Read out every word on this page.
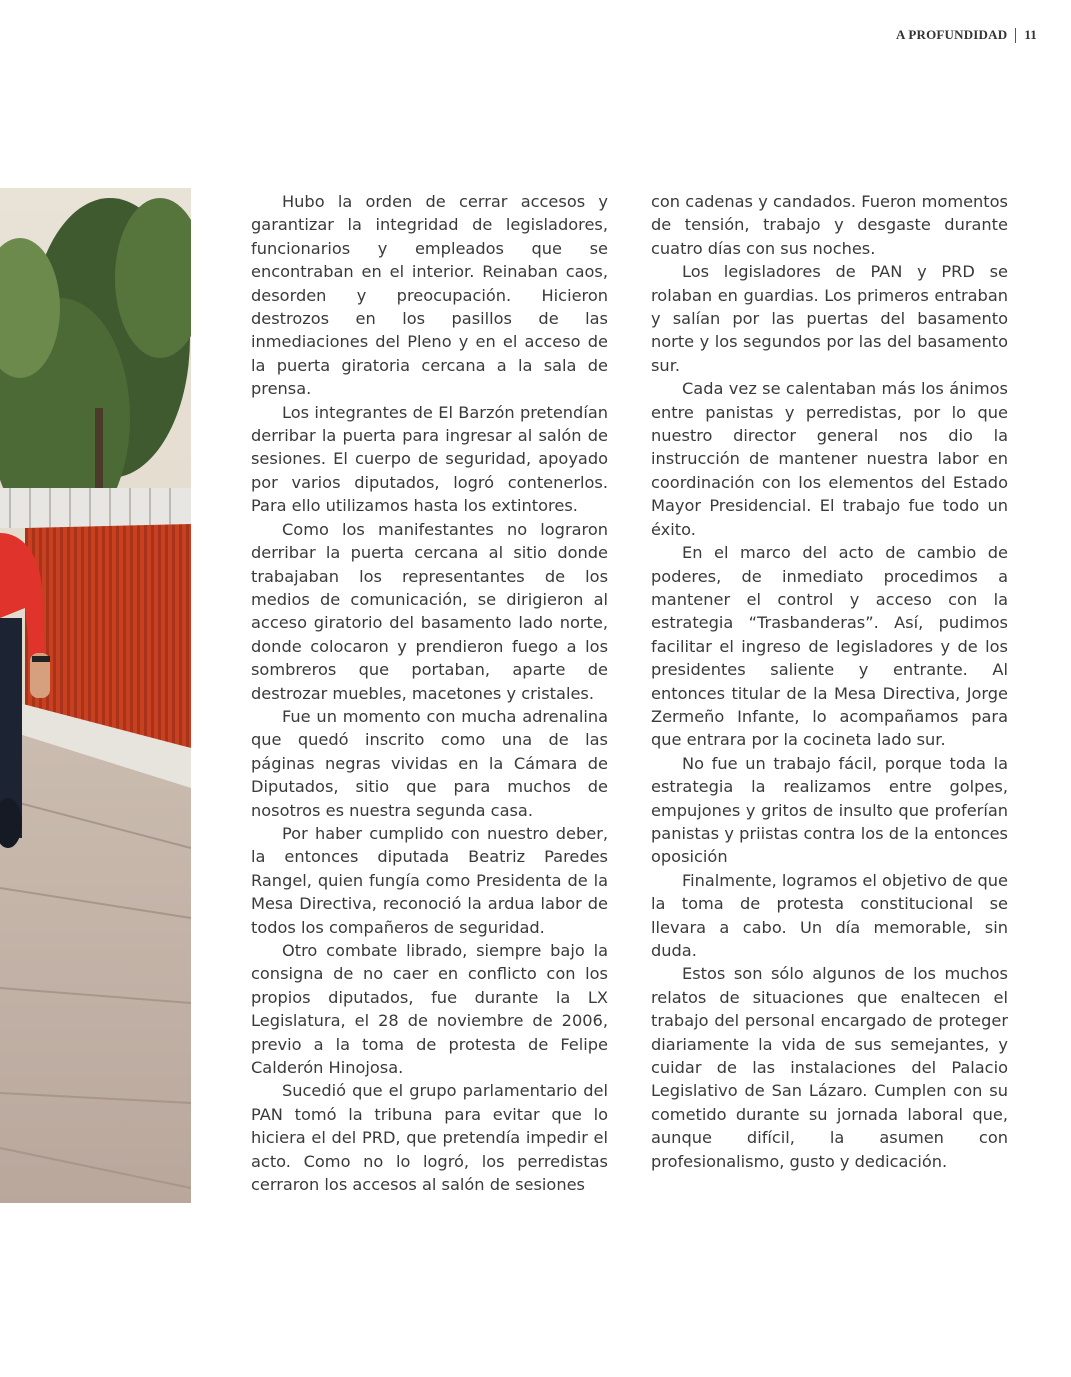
A PROFUNDIDAD 11

Hubo la orden de cerrar accesos y garantizar la integridad de legisladores, funcionarios y empleados que se encontraban en el interior. Reinaban caos, desorden y preocupación. Hicieron destrozos en los pasillos de las inmediaciones del Pleno y en el acceso de la puerta giratoria cercana a la sala de prensa.

Los integrantes de El Barzón pretendían derribar la puerta para ingresar al salón de sesiones. El cuerpo de seguridad, apoyado por varios diputados, logró contenerlos. Para ello utilizamos hasta los extintores.

Como los manifestantes no lograron derribar la puerta cercana al sitio donde trabajaban los representantes de los medios de comunicación, se dirigieron al acceso giratorio del basamento lado norte, donde colocaron y prendieron fuego a los sombreros que portaban, aparte de destrozar muebles, macetones y cristales.

Fue un momento con mucha adrenalina que quedó inscrito como una de las páginas negras vividas en la Cámara de Diputados, sitio que para muchos de nosotros es nuestra segunda casa.

Por haber cumplido con nuestro deber, la entonces diputada Beatriz Paredes Rangel, quien fungía como Presidenta de la Mesa Directiva, reconoció la ardua labor de todos los compañeros de seguridad.

Otro combate librado, siempre bajo la consigna de no caer en conflicto con los propios diputados, fue durante la LX Legislatura, el 28 de noviembre de 2006, previo a la toma de protesta de Felipe Calderón Hinojosa.

Sucedió que el grupo parlamentario del PAN tomó la tribuna para evitar que lo hiciera el del PRD, que pretendía impedir el acto. Como no lo logró, los perredistas cerraron los accesos al salón de sesiones

con cadenas y candados. Fueron momentos de tensión, trabajo y desgaste durante cuatro días con sus noches.

Los legisladores de PAN y PRD se rolaban en guardias. Los primeros entraban y salían por las puertas del basamento norte y los segundos por las del basamento sur.

Cada vez se calentaban más los ánimos entre panistas y perredistas, por lo que nuestro director general nos dio la instrucción de mantener nuestra labor en coordinación con los elementos del Estado Mayor Presidencial. El trabajo fue todo un éxito.

En el marco del acto de cambio de poderes, de inmediato procedimos a mantener el control y acceso con la estrategia “Trasbanderas”. Así, pudimos facilitar el ingreso de legisladores y de los presidentes saliente y entrante. Al entonces titular de la Mesa Directiva, Jorge Zermeño Infante, lo acompañamos para que entrara por la cocineta lado sur.

No fue un trabajo fácil, porque toda la estrategia la realizamos entre golpes, empujones y gritos de insulto que proferían panistas y priistas contra los de la entonces oposición

Finalmente, logramos el objetivo de que la toma de protesta constitucional se llevara a cabo. Un día memorable, sin duda.

Estos son sólo algunos de los muchos relatos de situaciones que enaltecen el trabajo del personal encargado de proteger diariamente la vida de sus semejantes, y cuidar de las instalaciones del Palacio Legislativo de San Lázaro. Cumplen con su cometido durante su jornada laboral que, aunque difícil, la asumen con profesionalismo, gusto y dedicación.
